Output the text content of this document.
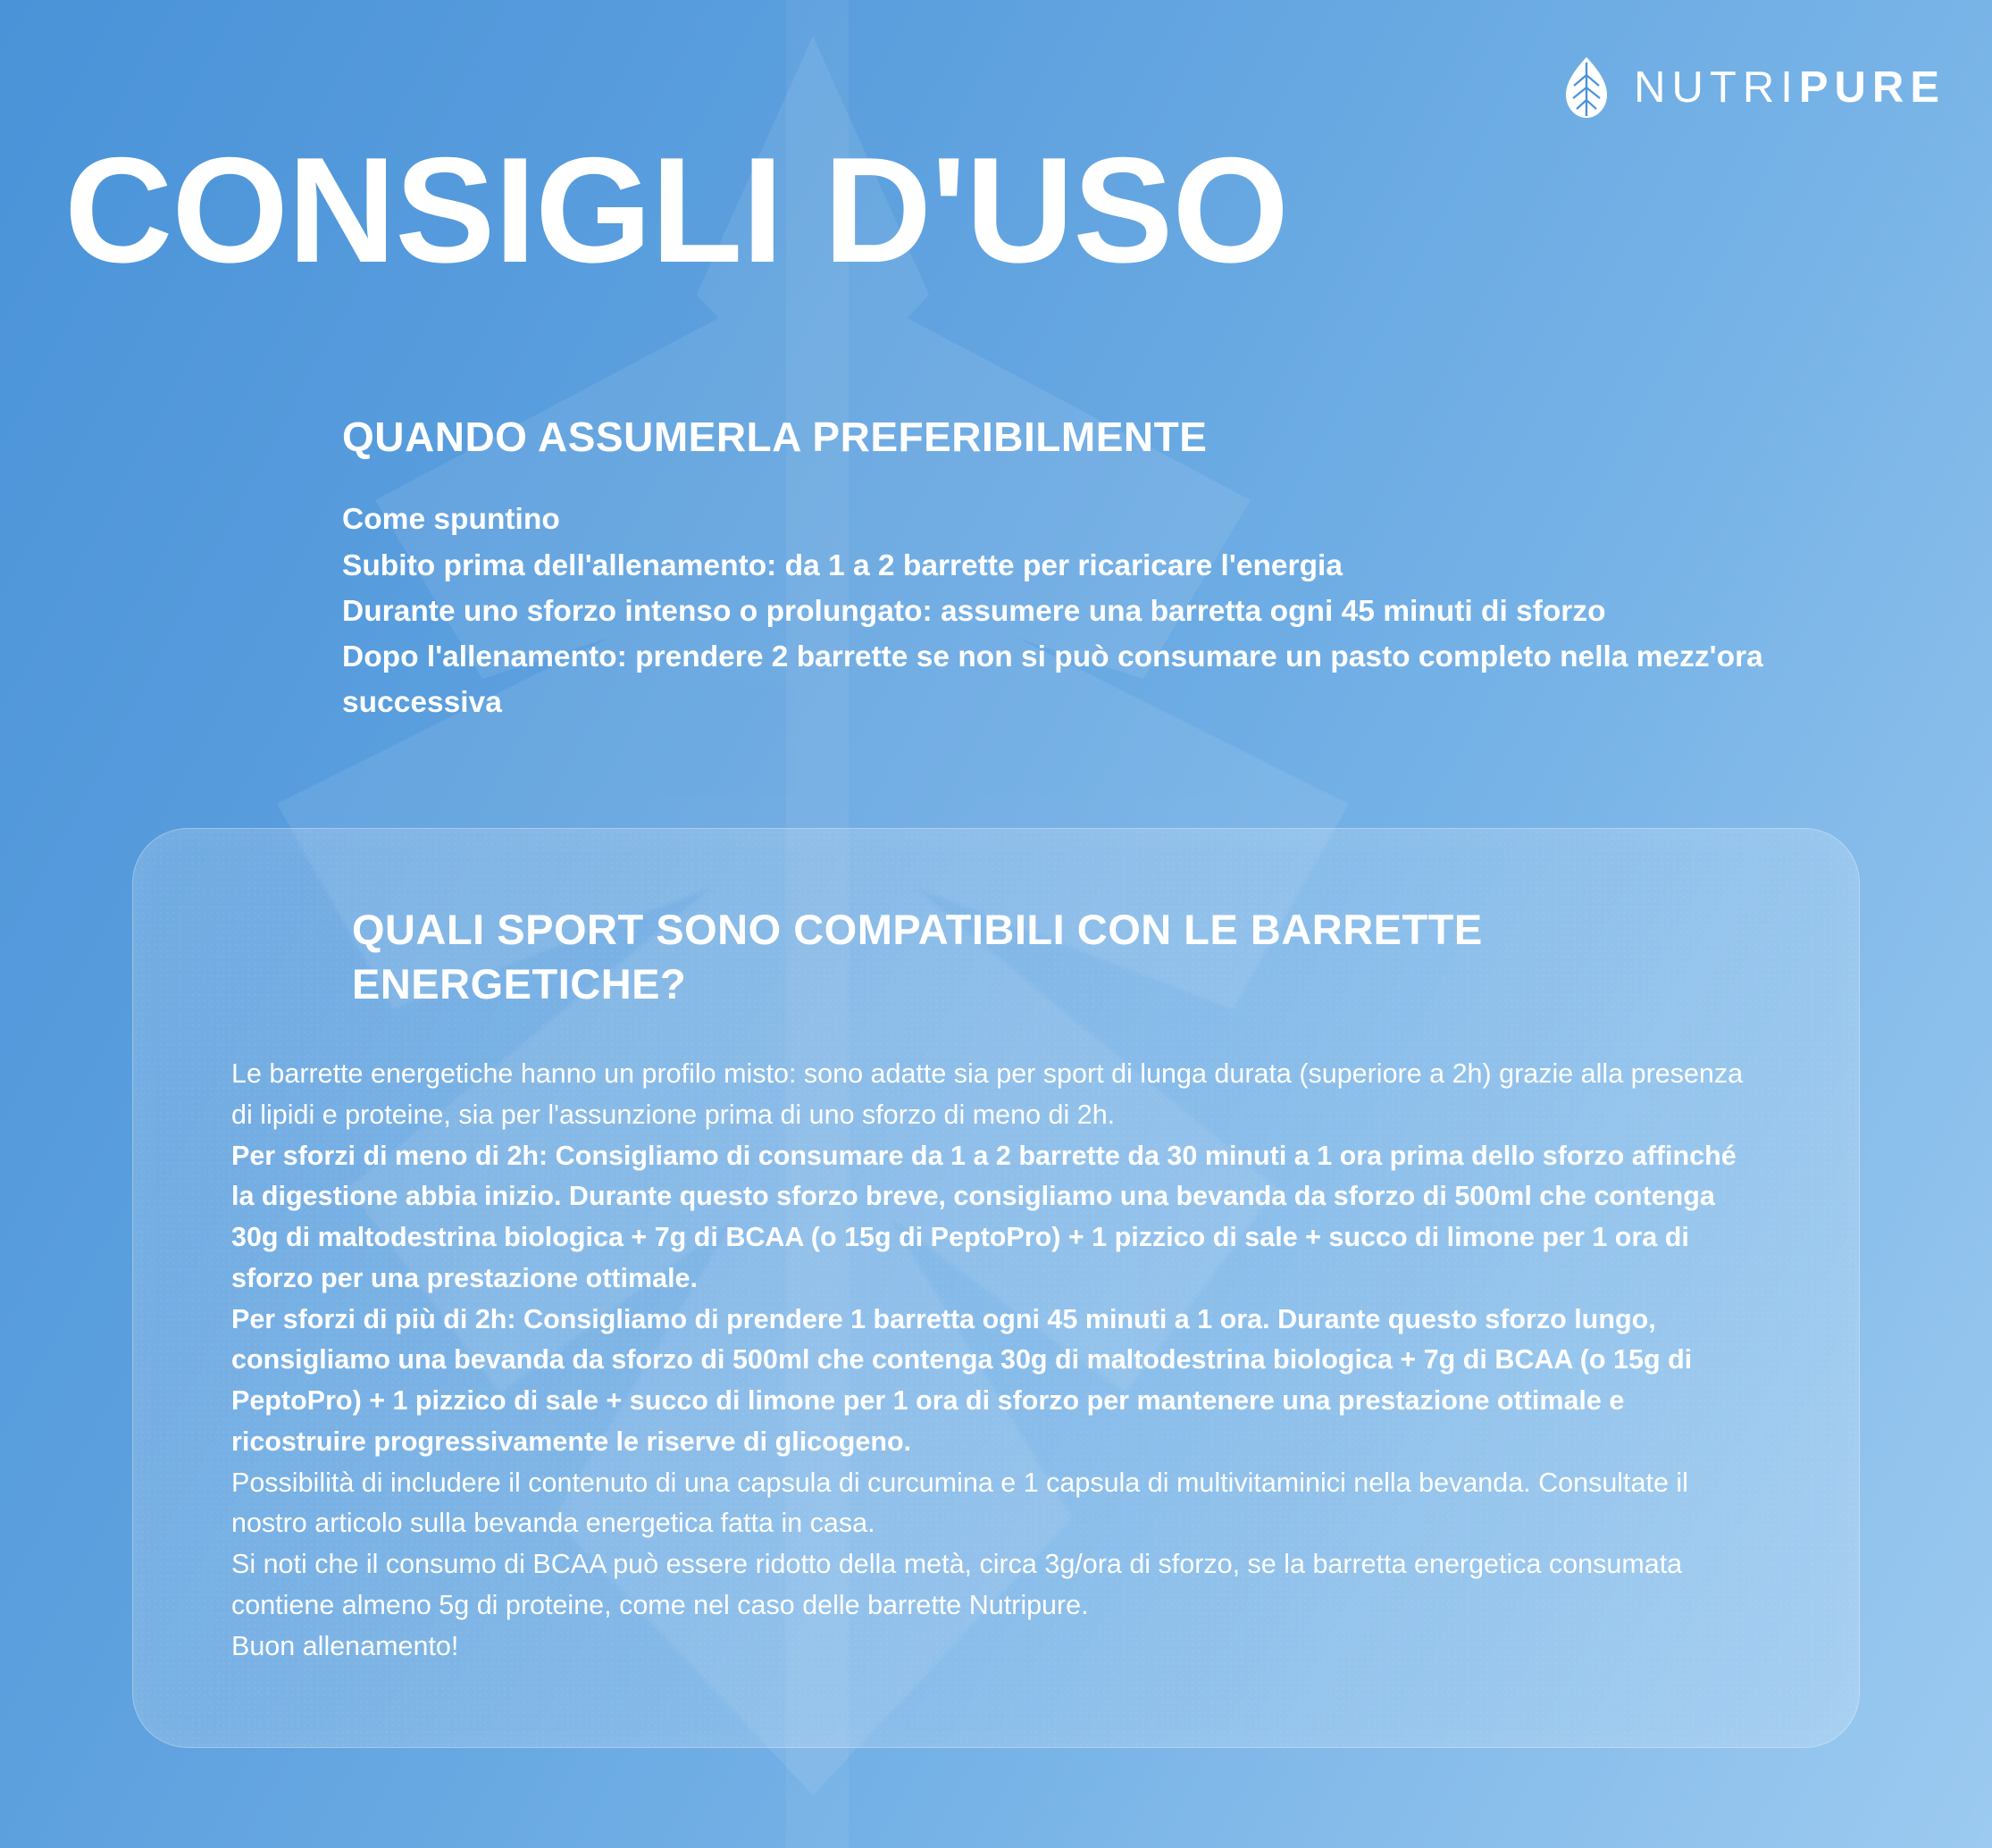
NUTRIPURE
CONSIGLI D'USO
QUANDO ASSUMERLA PREFERIBILMENTE

Come spuntino

Subito prima dell'allenamento: da 1 a 2 barrette per ricaricare l'energia

Durante uno sforzo intenso o prolungato: assumere una barretta ogni 45 minuti di sforzo

Dopo l'allenamento: prendere 2 barrette se non si può consumare un pasto completo nella mezz'ora successiva

QUALI SPORT SONO COMPATIBILI CON LE BARRETTE ENERGETICHE?

Le barrette energetiche hanno un profilo misto: sono adatte sia per sport di lunga durata (superiore a 2h) grazie alla presenza di lipidi e proteine, sia per l'assunzione prima di uno sforzo di meno di 2h.

Per sforzi di meno di 2h: Consigliamo di consumare da 1 a 2 barrette da 30 minuti a 1 ora prima dello sforzo affinché la digestione abbia inizio. Durante questo sforzo breve, consigliamo una bevanda da sforzo di 500ml che contenga 30g di maltodestrina biologica + 7g di BCAA (o 15g di PeptoPro) + 1 pizzico di sale + succo di limone per 1 ora di sforzo per una prestazione ottimale.

Per sforzi di più di 2h: Consigliamo di prendere 1 barretta ogni 45 minuti a 1 ora. Durante questo sforzo lungo, consigliamo una bevanda da sforzo di 500ml che contenga 30g di maltodestrina biologica + 7g di BCAA (o 15g di PeptoPro) + 1 pizzico di sale + succo di limone per 1 ora di sforzo per mantenere una prestazione ottimale e ricostruire progressivamente le riserve di glicogeno.

Possibilità di includere il contenuto di una capsula di curcumina e 1 capsula di multivitaminici nella bevanda. Consultate il nostro articolo sulla bevanda energetica fatta in casa.

Si noti che il consumo di BCAA può essere ridotto della metà, circa 3g/ora di sforzo, se la barretta energetica consumata contiene almeno 5g di proteine, come nel caso delle barrette Nutripure.

Buon allenamento!
